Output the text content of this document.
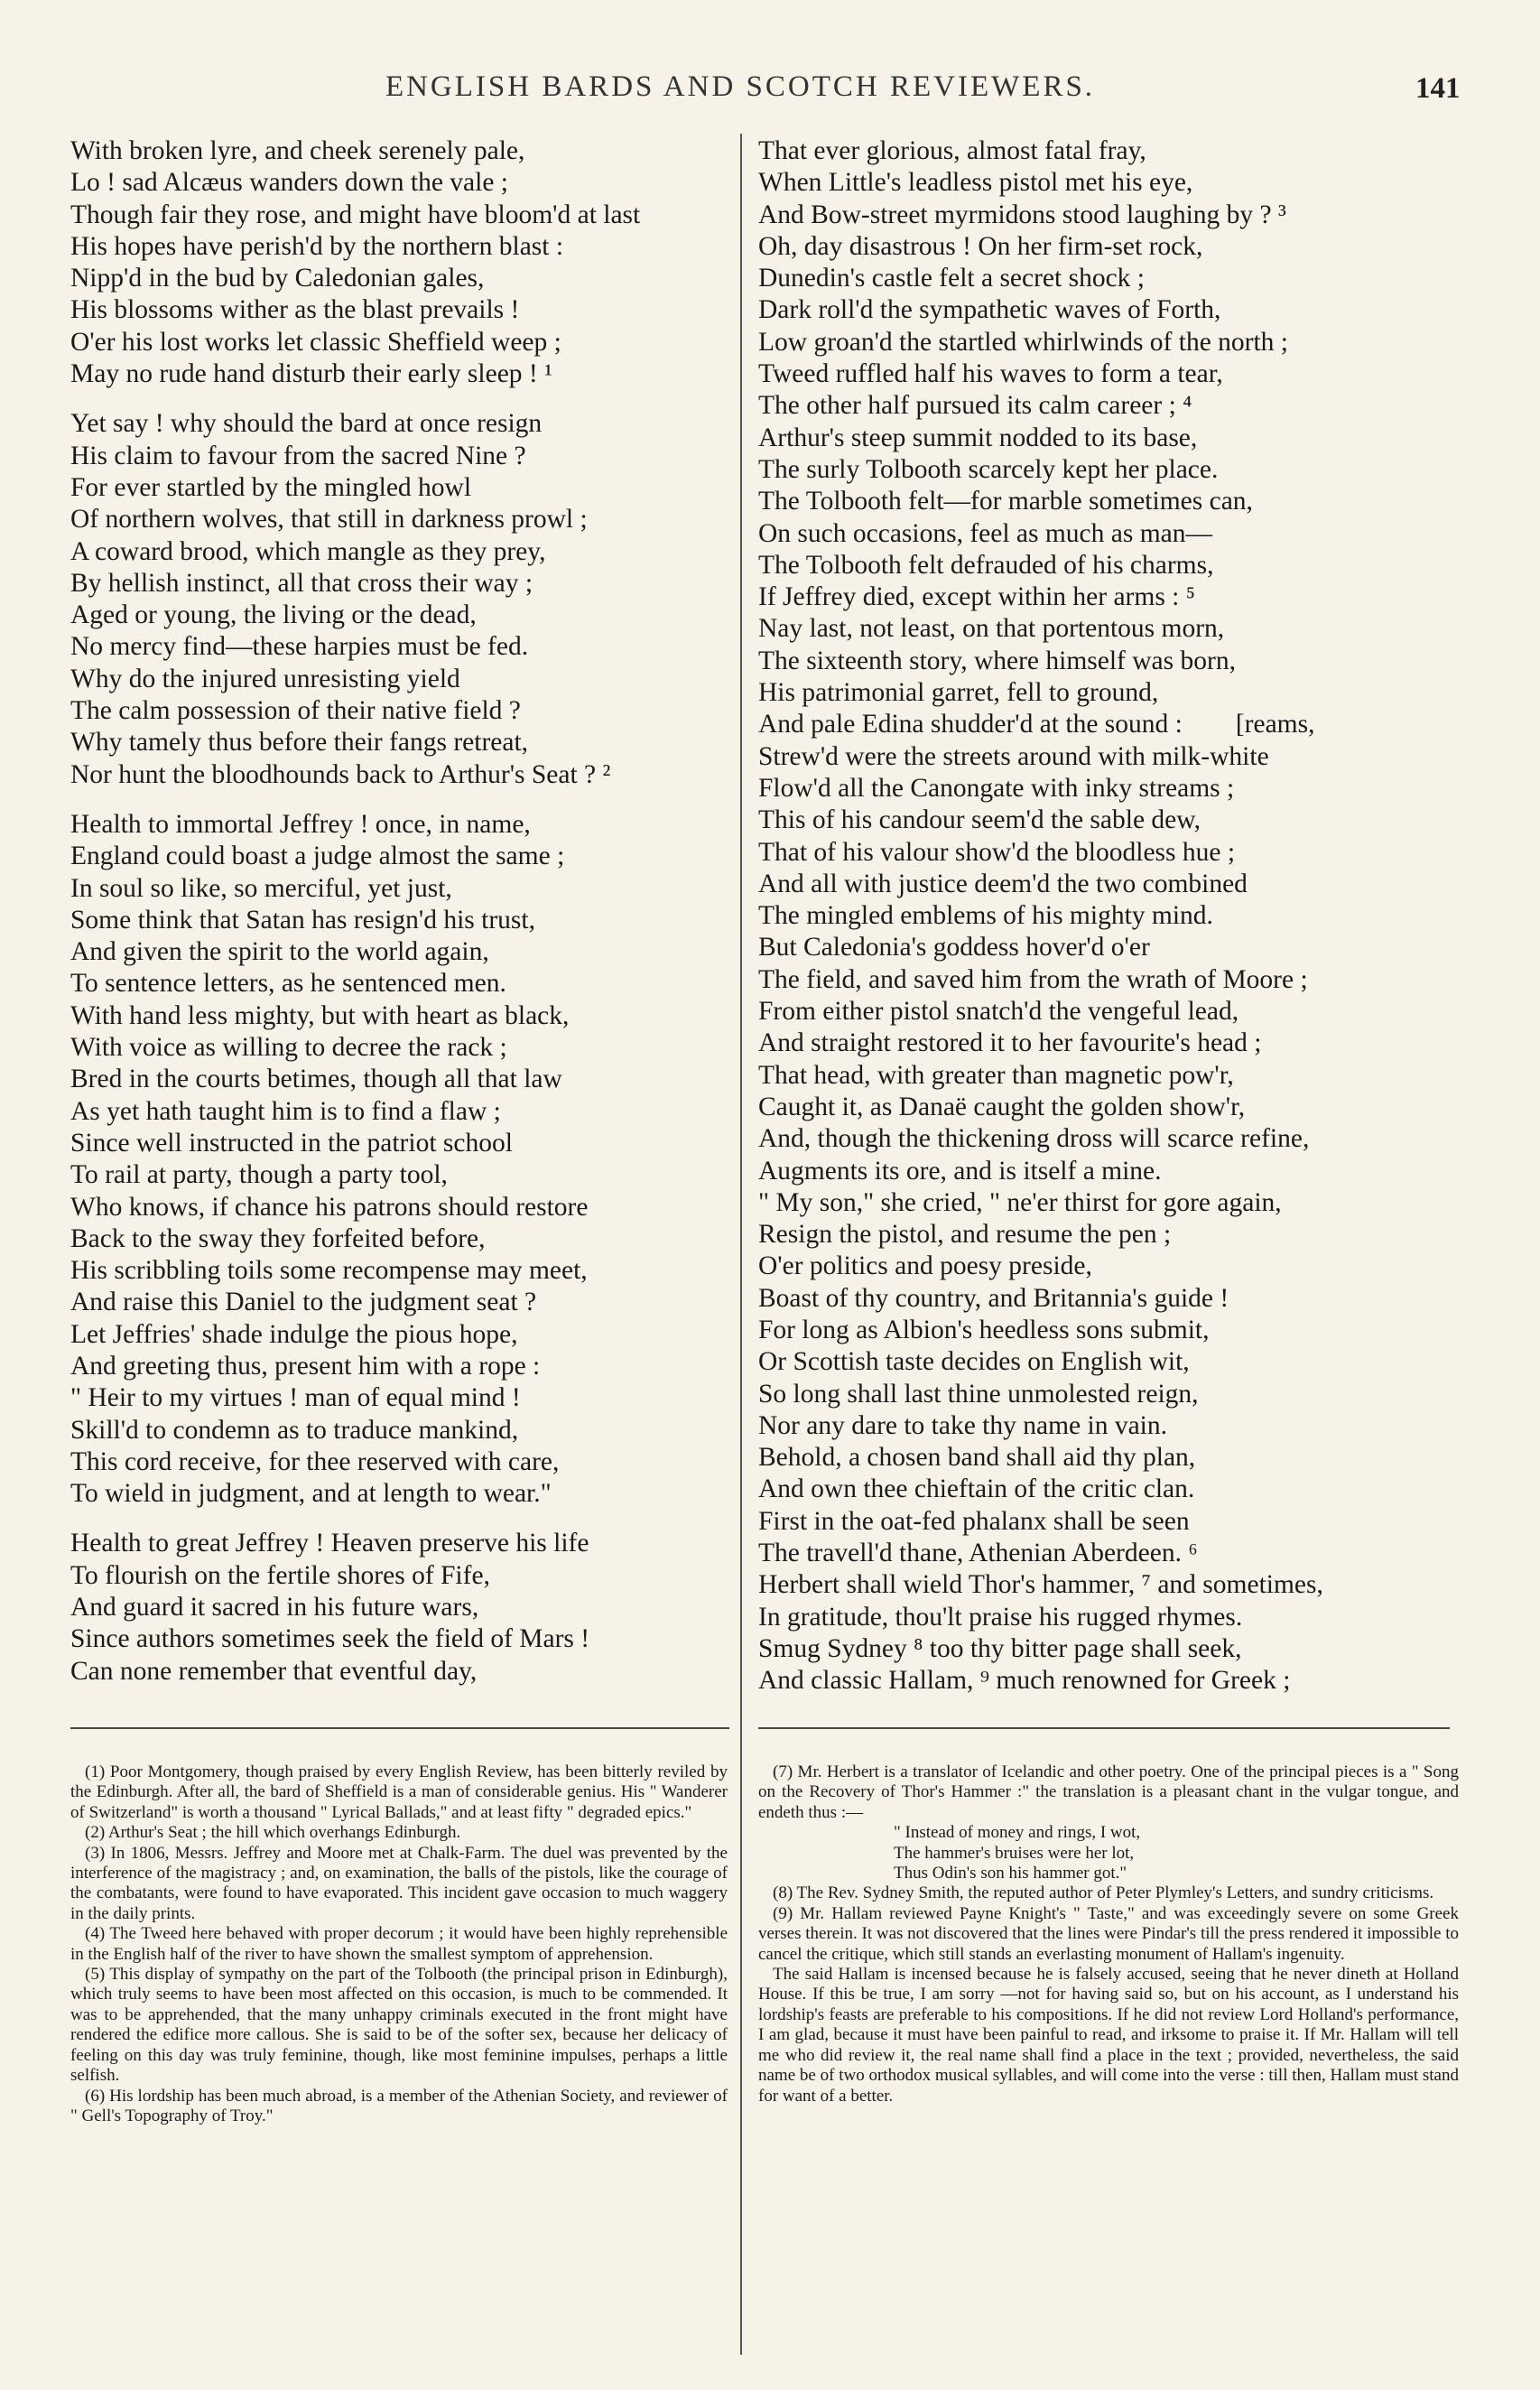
ENGLISH BARDS AND SCOTCH REVIEWERS.	141
With broken lyre, and cheek serenely pale,
Lo ! sad Alcæus wanders down the vale ;
Though fair they rose, and might have bloom'd at last
His hopes have perish'd by the northern blast :
Nipp'd in the bud by Caledonian gales,
His blossoms wither as the blast prevails !
O'er his lost works let classic Sheffield weep ;
May no rude hand disturb their early sleep ! ¹
Yet say ! why should the bard at once resign
His claim to favour from the sacred Nine ?
For ever startled by the mingled howl
Of northern wolves, that still in darkness prowl ;
A coward brood, which mangle as they prey,
By hellish instinct, all that cross their way ;
Aged or young, the living or the dead,
No mercy find—these harpies must be fed.
Why do the injured unresisting yield
The calm possession of their native field ?
Why tamely thus before their fangs retreat,
Nor hunt the bloodhounds back to Arthur's Seat ? ²
Health to immortal Jeffrey ! once, in name,
England could boast a judge almost the same ;
In soul so like, so merciful, yet just,
Some think that Satan has resign'd his trust,
And given the spirit to the world again,
To sentence letters, as he sentenced men.
With hand less mighty, but with heart as black,
With voice as willing to decree the rack ;
Bred in the courts betimes, though all that law
As yet hath taught him is to find a flaw ;
Since well instructed in the patriot school
To rail at party, though a party tool,
Who knows, if chance his patrons should restore
Back to the sway they forfeited before,
His scribbling toils some recompense may meet,
And raise this Daniel to the judgment seat ?
Let Jeffries' shade indulge the pious hope,
And greeting thus, present him with a rope :
" Heir to my virtues ! man of equal mind !
Skill'd to condemn as to traduce mankind,
This cord receive, for thee reserved with care,
To wield in judgment, and at length to wear."
Health to great Jeffrey ! Heaven preserve his life
To flourish on the fertile shores of Fife,
And guard it sacred in his future wars,
Since authors sometimes seek the field of Mars !
Can none remember that eventful day,
That ever glorious, almost fatal fray,
When Little's leadless pistol met his eye,
And Bow-street myrmidons stood laughing by ? ³
Oh, day disastrous ! On her firm-set rock,
Dunedin's castle felt a secret shock ;
Dark roll'd the sympathetic waves of Forth,
Low groan'd the startled whirlwinds of the north ;
Tweed ruffled half his waves to form a tear,
The other half pursued its calm career ; ⁴
Arthur's steep summit nodded to its base,
The surly Tolbooth scarcely kept her place.
The Tolbooth felt—for marble sometimes can,
On such occasions, feel as much as man—
The Tolbooth felt defrauded of his charms,
If Jeffrey died, except within her arms : ⁵
Nay last, not least, on that portentous morn,
The sixteenth story, where himself was born,
His patrimonial garret, fell to ground,
And pale Edina shudder'd at the sound :        [reams,
Strew'd were the streets around with milk-white
Flow'd all the Canongate with inky streams ;
This of his candour seem'd the sable dew,
That of his valour show'd the bloodless hue ;
And all with justice deem'd the two combined
The mingled emblems of his mighty mind.
But Caledonia's goddess hover'd o'er
The field, and saved him from the wrath of Moore ;
From either pistol snatch'd the vengeful lead,
And straight restored it to her favourite's head ;
That head, with greater than magnetic pow'r,
Caught it, as Danaë caught the golden show'r,
And, though the thickening dross will scarce refine,
Augments its ore, and is itself a mine.
" My son," she cried, " ne'er thirst for gore again,
Resign the pistol, and resume the pen ;
O'er politics and poesy preside,
Boast of thy country, and Britannia's guide !
For long as Albion's heedless sons submit,
Or Scottish taste decides on English wit,
So long shall last thine unmolested reign,
Nor any dare to take thy name in vain.
Behold, a chosen band shall aid thy plan,
And own thee chieftain of the critic clan.
First in the oat-fed phalanx shall be seen
The travell'd thane, Athenian Aberdeen. ⁶
Herbert shall wield Thor's hammer, ⁷ and sometimes,
In gratitude, thou'lt praise his rugged rhymes.
Smug Sydney ⁸ too thy bitter page shall seek,
And classic Hallam, ⁹ much renowned for Greek ;

(1) Poor Montgomery, though praised by every English Review, has been bitterly reviled by the Edinburgh. After all, the bard of Sheffield is a man of considerable genius. His " Wanderer of Switzerland" is worth a thousand " Lyrical Ballads," and at least fifty " degraded epics."

(2) Arthur's Seat ; the hill which overhangs Edinburgh.

(3) In 1806, Messrs. Jeffrey and Moore met at Chalk-Farm. The duel was prevented by the interference of the magistracy ; and, on examination, the balls of the pistols, like the courage of the combatants, were found to have evaporated. This incident gave occasion to much waggery in the daily prints.

(4) The Tweed here behaved with proper decorum ; it would have been highly reprehensible in the English half of the river to have shown the smallest symptom of apprehension.

(5) This display of sympathy on the part of the Tolbooth (the principal prison in Edinburgh), which truly seems to have been most affected on this occasion, is much to be commended. It was to be apprehended, that the many unhappy criminals executed in the front might have rendered the edifice more callous. She is said to be of the softer sex, because her delicacy of feeling on this day was truly feminine, though, like most feminine impulses, perhaps a little selfish.

(6) His lordship has been much abroad, is a member of the Athenian Society, and reviewer of " Gell's Topography of Troy."

(7) Mr. Herbert is a translator of Icelandic and other poetry. One of the principal pieces is a " Song on the Recovery of Thor's Hammer :" the translation is a pleasant chant in the vulgar tongue, and endeth thus :—

" Instead of money and rings, I wot,
The hammer's bruises were her lot,
Thus Odin's son his hammer got."

(8) The Rev. Sydney Smith, the reputed author of Peter Plymley's Letters, and sundry criticisms.

(9) Mr. Hallam reviewed Payne Knight's " Taste," and was exceedingly severe on some Greek verses therein. It was not discovered that the lines were Pindar's till the press rendered it impossible to cancel the critique, which still stands an everlasting monument of Hallam's ingenuity.

The said Hallam is incensed because he is falsely accused, seeing that he never dineth at Holland House. If this be true, I am sorry —not for having said so, but on his account, as I understand his lordship's feasts are preferable to his compositions. If he did not review Lord Holland's performance, I am glad, because it must have been painful to read, and irksome to praise it. If Mr. Hallam will tell me who did review it, the real name shall find a place in the text ; provided, nevertheless, the said name be of two orthodox musical syllables, and will come into the verse : till then, Hallam must stand for want of a better.
